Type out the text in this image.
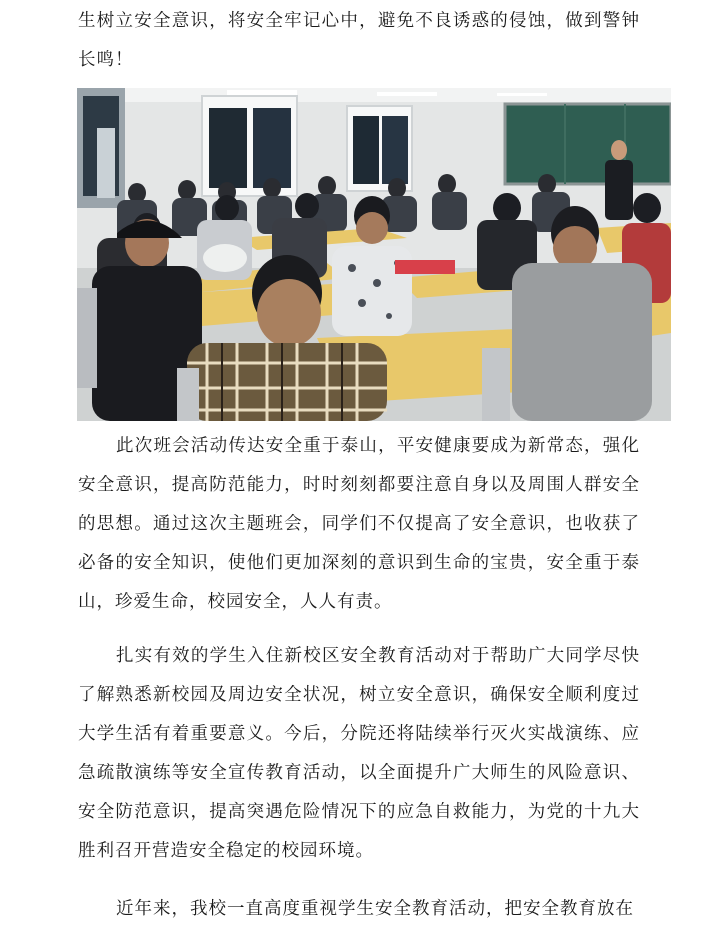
生树立安全意识，将安全牢记心中，避免不良诱惑的侵蚀，做到警钟长鸣！

此次班会活动传达安全重于泰山，平安健康要成为新常态，强化安全意识，提高防范能力，时时刻刻都要注意自身以及周围人群安全的思想。通过这次主题班会，同学们不仅提高了安全意识，也收获了必备的安全知识，使他们更加深刻的意识到生命的宝贵，安全重于泰山，珍爱生命，校园安全，人人有责。

扎实有效的学生入住新校区安全教育活动对于帮助广大同学尽快了解熟悉新校园及周边安全状况，树立安全意识，确保安全顺利度过大学生活有着重要意义。今后，分院还将陆续举行灭火实战演练、应急疏散演练等安全宣传教育活动，以全面提升广大师生的风险意识、安全防范意识，提高突遇危险情况下的应急自救能力，为党的十九大胜利召开营造安全稳定的校园环境。

近年来，我校一直高度重视学生安全教育活动，把安全教育放在
